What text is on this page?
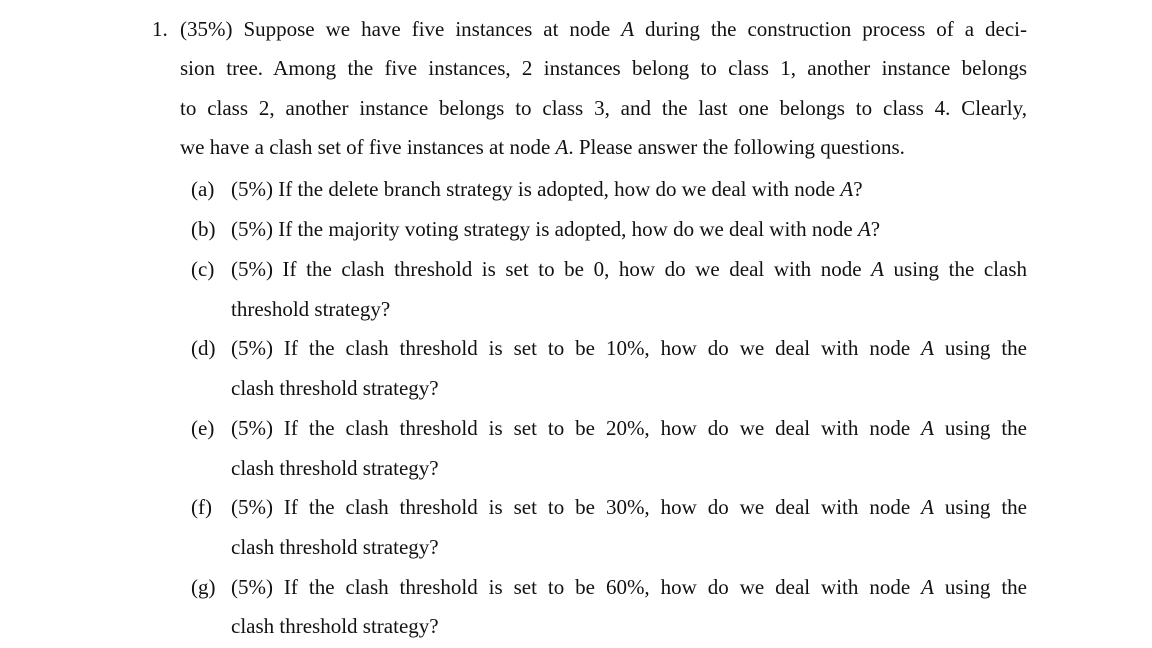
1. (35%) Suppose we have five instances at node A during the construction process of a deci-
sion tree. Among the five instances, 2 instances belong to class 1, another instance belongs
to class 2, another instance belongs to class 3, and the last one belongs to class 4. Clearly,
we have a clash set of five instances at node A. Please answer the following questions.
(a) (5%) If the delete branch strategy is adopted, how do we deal with node A?
(b) (5%) If the majority voting strategy is adopted, how do we deal with node A?
(c) (5%) If the clash threshold is set to be 0, how do we deal with node A using the clash
threshold strategy?
(d) (5%) If the clash threshold is set to be 10%, how do we deal with node A using the
clash threshold strategy?
(e) (5%) If the clash threshold is set to be 20%, how do we deal with node A using the
clash threshold strategy?
(f) (5%) If the clash threshold is set to be 30%, how do we deal with node A using the
clash threshold strategy?
(g) (5%) If the clash threshold is set to be 60%, how do we deal with node A using the
clash threshold strategy?
